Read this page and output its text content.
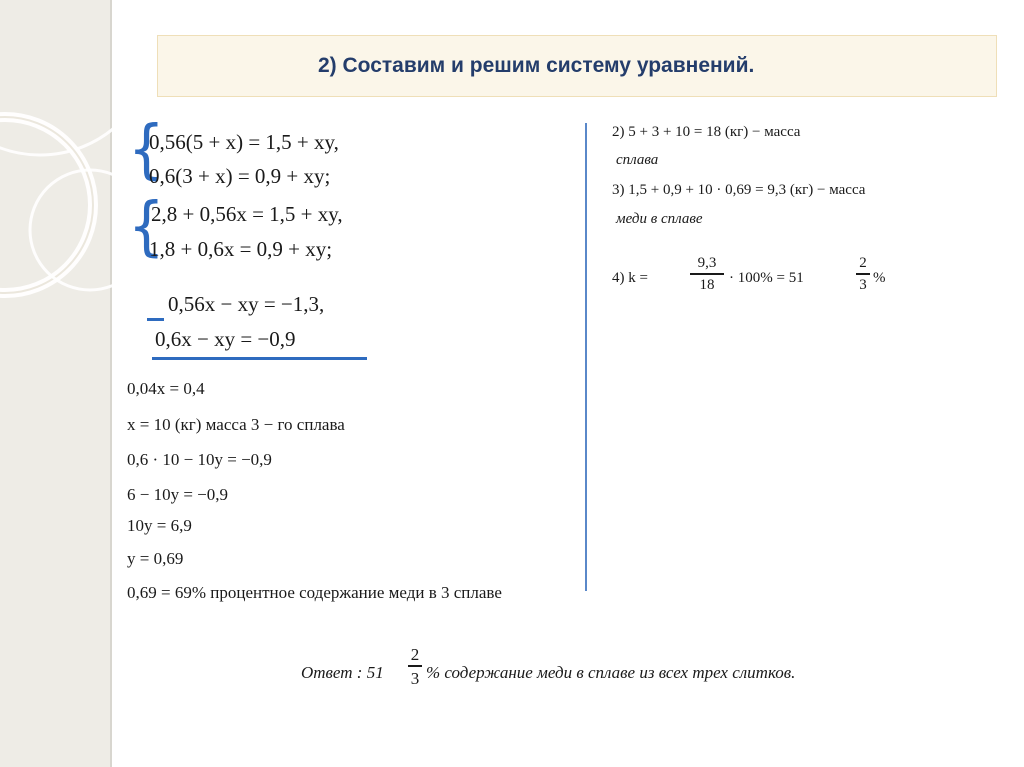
2) Составим и решим систему уравнений.
{
0,56(5 + x) = 1,5 + xy,
0,6(3 + x) = 0,9 + xy;
{
2,8 + 0,56x = 1,5 + xy,
1,8 + 0,6x = 0,9 + xy;
0,56x − xy = −1,3,
0,6x − xy = −0,9
0,04x = 0,4
x = 10 (кг) масса 3 − го сплава
0,6 · 10 − 10y = −0,9
6 − 10y = −0,9
10y = 6,9
y = 0,69
0,69 = 69% процентное содержание меди в 3 сплаве
2) 5 + 3 + 10 = 18 (кг) − масса
сплава
3) 1,5 + 0,9 + 10 · 0,69 = 9,3 (кг) − масса
меди в сплаве
4) k =
9,3
18 · 100% = 51
2
3 %
Ответ : 51
2
3 % содержание меди в сплаве из всех трех слитков.
